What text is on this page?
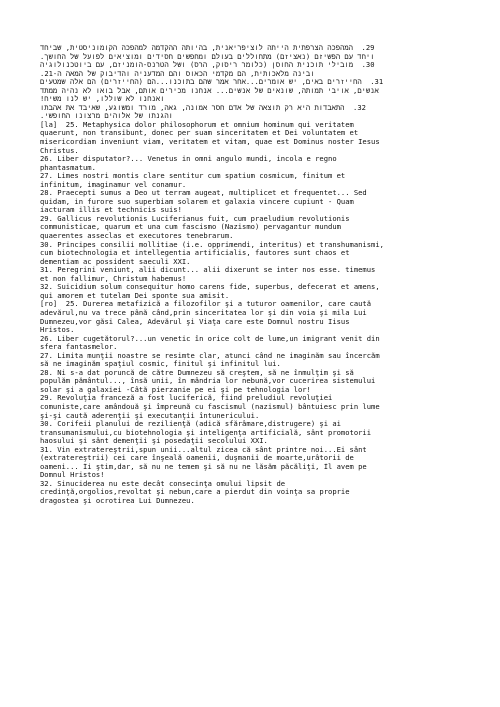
29.  המהפכה הצרפתית הייתה לוציפריאנית, בהיותה ההקדמה למהפכה הקומוניסטית, שביחד
ויחד עם הפשיזם (נאציזם) מתחוללים בעולם ומחפשים חסידים ומוציאים לפועל של החושך.
30.  מובילי תוכנית החוסן (כלומר ריסוק, הרס) ושל הטרנס-הומניזם, עם ביוטכנולוגיה
ובינה מלאכותית, הם מקדמי הכאוס והם המדעניה והדיבוק של המאה ה-21.
31.  החייזרים באים, יש אומרים...אחר אמר שהם בתוכנו...הם (החייזרים) הם אלה שמטעים
אנשים, אויבי תמותה, שונאים של אנשים... אנחנו מכירים אותם, אבל בואו לא נהיה ממתד
ואנחנו לא שוללו, יש לנו משיח!
32.  התאבדות היא רק תוצאה של אדם חסר אמונה, גאה, מורד ומשוגע, שאיבד את אהבתו
והגנתו של אלוהים מרצונו החופשי.
[la]  25. Metaphysica dolor philosophorum et omnium hominum qui veritatem
quaerunt, non transibunt, donec per suam sinceritatem et Dei voluntatem et
misericordiam inveniunt viam, veritatem et vitam, quae est Dominus noster Iesus
Christus.
26. Liber disputator?... Venetus in omni angulo mundi, incola e regno
phantasmatum.
27. Limes nostri montis clare sentitur cum spatium cosmicum, finitum et
infinitum, imaginamur vel conamur.
28. Praecepti sumus a Deo ut terram augeat, multiplicet et frequentet... Sed
quidam, in furore suo superbiam solarem et galaxia vincere cupiunt - Quam
iacturam illis et technicis suis!
29. Gallicus revolutionis Luciferianus fuit, cum praeludium revolutionis
communisticae, quarum et una cum fascismo (Nazismo) pervagantur mundum
quaerentes asseclas et executores tenebrarum.
30. Principes consilii mollitiae (i.e. opprimendi, interitus) et transhumanismi,
cum biotechnologia et intellegentia artificialis, fautores sunt chaos et
dementiam ac possident saeculi XXI.
31. Peregrini veniunt, alii dicunt... alii dixerunt se inter nos esse. timemus
et non fallimur, Christum habemus!
32. Suicidium solum consequitur homo carens fide, superbus, defecerat et amens,
qui amorem et tutelam Dei sponte sua amisit.
[ro]  25. Durerea metafizică a filozofilor şi a tuturor oamenilor, care caută
adevărul,nu va trece până când,prin sinceritatea lor şi din voia şi mila Lui
Dumnezeu,vor găsi Calea, Adevărul şi Viaţa care este Domnul nostru Iisus
Hristos.
26. Liber cugetătorul?...un venetic în orice colt de lume,un imigrant venit din
sfera fantasmelor.
27. Limita munţii noastre se resimte clar, atunci când ne imaginăm sau încercăm
să ne imaginăm spaţiul cosmic, finitul şi infinitul lui.
28. Ni s-a dat poruncă de către Dumnezeu să creştem, să ne înmulţim şi să
populăm pământul..., însă unii, în mândria lor nebună,vor cucerirea sistemului
solar şi a galaxiei -Câtă pierzanie pe ei şi pe tehnologia lor!
29. Revoluţia franceză a fost luciferică, fiind preludiul revoluţiei
comuniste,care amândouă şi împreună cu fascismul (nazismul) bântuiesc prin lume
şi-şi caută aderenţii şi executanţii întunericului.
30. Corifeii planului de rezilienţă (adică sfărâmare,distrugere) şi ai
transumanismului,cu biotehnologia şi inteligenţa artificială, sânt promotorii
haosului şi sânt demenţii şi posedaţii secolului XXI.
31. Vin extratereştrii,spun unii...altul zicea că sânt printre noi...Ei sânt
(extratereştrii) cei care înşeală oamenii, duşmanii de moarte,urâtorii de
oameni... Îi ştim,dar, să nu ne temem şi să nu ne lăsăm păcăliţi, Îl avem pe
Domnul Hristos!
32. Sinuciderea nu este decât consecinţa omului lipsit de
credinţă,orgolios,revoltat şi nebun,care a pierdut din voinţa sa proprie
dragostea şi ocrotirea Lui Dumnezeu.
